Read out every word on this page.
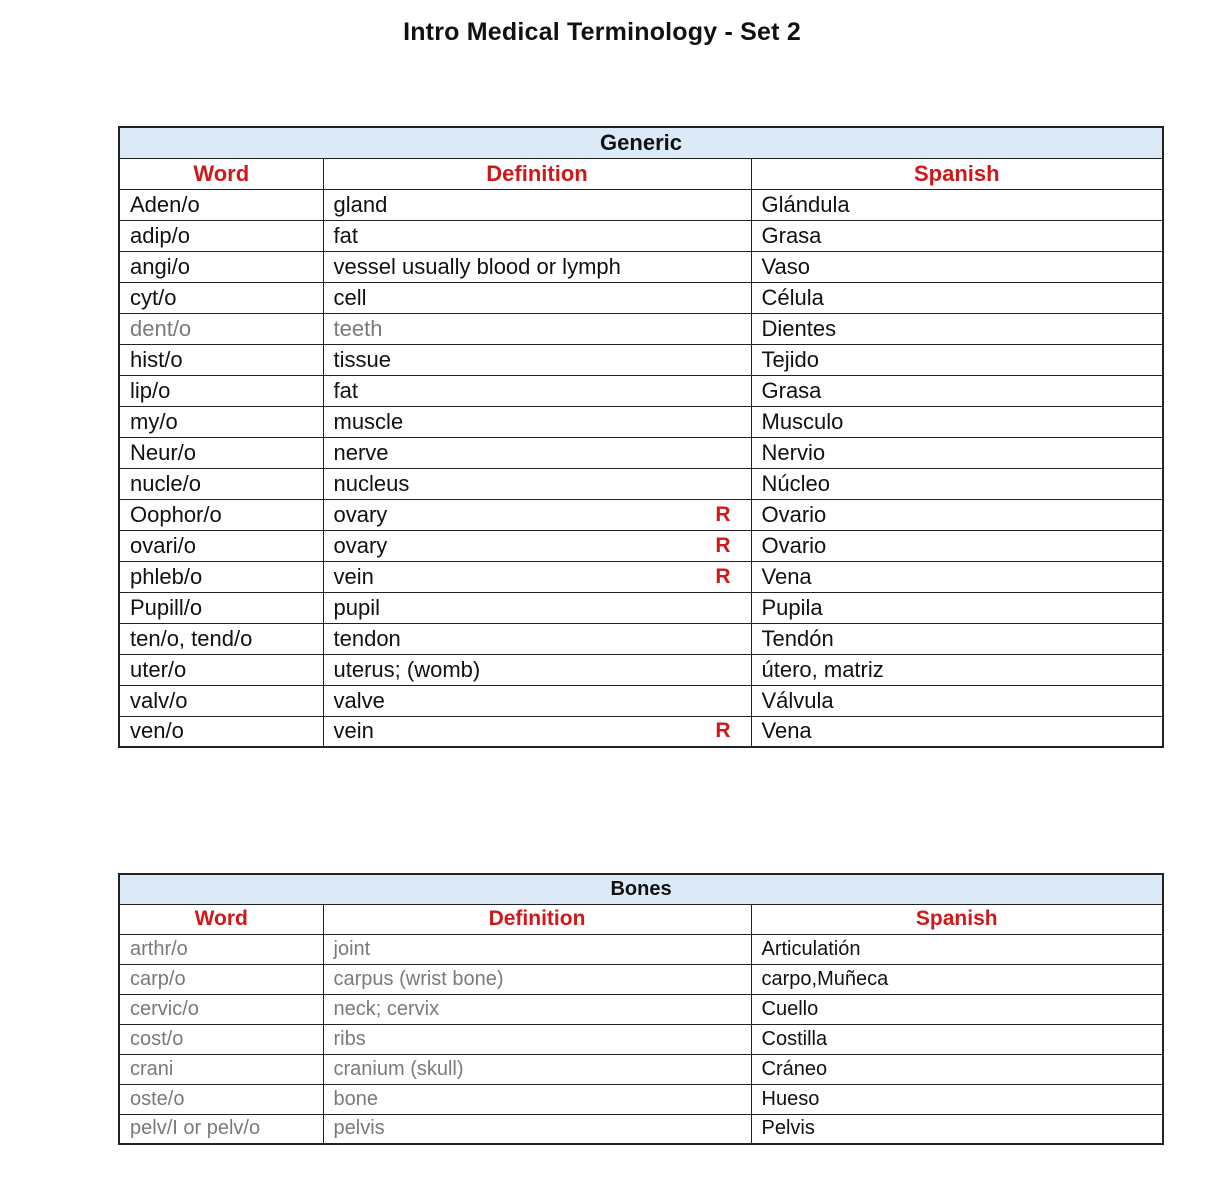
Intro Medical Terminology - Set 2
Generic		
Word	Definition	Spanish
Aden/o	gland	Glándula
adip/o	fat	Grasa
angi/o	vessel usually blood or lymph	Vaso
cyt/o	cell	Célula
dent/o	teeth	Dientes
hist/o	tissue	Tejido
lip/o	fat	Grasa
my/o	muscle	Musculo
Neur/o	nerve	Nervio
nucle/o	nucleus	Núcleo
Oophor/o	ovary R	Ovario
ovari/o	ovary R	Ovario
phleb/o	vein R	Vena
Pupill/o	pupil	Pupila
ten/o, tend/o	tendon	Tendón
uter/o	uterus; (womb)	útero, matriz
valv/o	valve	Válvula
ven/o	vein R	Vena
Bones		
Word	Definition	Spanish
arthr/o	joint	Articulatión
carp/o	carpus (wrist bone)	carpo,Muñeca
cervic/o	neck; cervix	Cuello
cost/o	ribs	Costilla
crani	cranium (skull)	Cráneo
oste/o	bone	Hueso
pelv/I or pelv/o	pelvis	Pelvis
